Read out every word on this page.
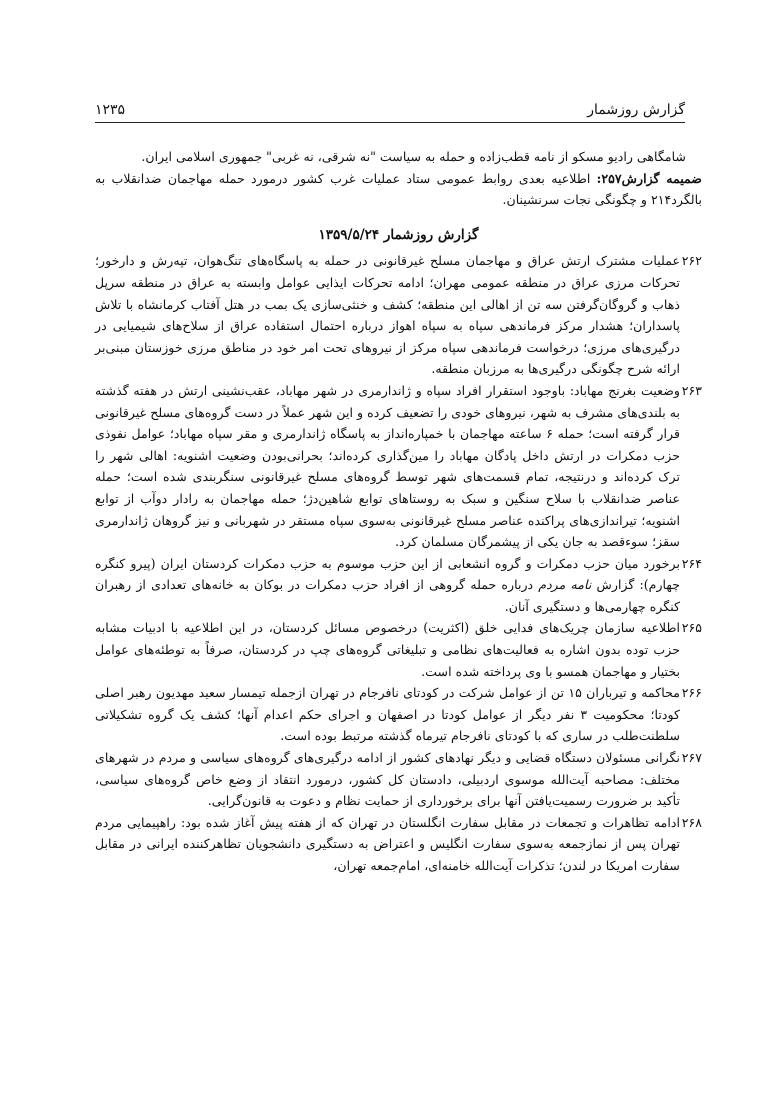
گزارش روزشمار
۱۲۳۵

شامگاهی رادیو مسکو از نامه قطب‌زاده و حمله به سیاست "نه شرقی، نه غربی" جمهوری اسلامی ایران.

ضمیمه گزارش۲۵۷: اطلاعیه بعدی روابط عمومی ستاد عملیات غرب کشور درمورد حمله مهاجمان ضدانقلاب به بالگرد۲۱۴ و چگونگی نجات سرنشینان.

گزارش روزشمار ۱۳۵۹/۵/۲۴
۲۶۲
عملیات مشترک ارتش عراق و مهاجمان مسلح غیرقانونی در حمله به پاسگاه‌های تنگ‌هوان، تپه‌رش و دارخور؛ تحرکات مرزی عراق در منطقه عمومی مهران؛ ادامه تحرکات ایذایی عوامل وابسته به عراق در منطقه سرپل ذهاب و گروگان‌گرفتن سه تن از اهالی این منطقه؛ کشف و خنثی‌سازی یک بمب در هتل آفتاب کرمانشاه با تلاش پاسداران؛ هشدار مرکز فرماندهی سپاه به سپاه اهواز درباره احتمال استفاده عراق از سلاح‌های شیمیایی در درگیری‌های مرزی؛ درخواست فرماندهی سپاه مرکز از نیروهای تحت امر خود در مناطق مرزی خوزستان مبنی‌بر ارائه شرح چگونگی درگیری‌ها به مرزبان منطقه.
۲۶۳
وضعیت بغرنج مهاباد: باوجود استقرار افراد سپاه و ژاندارمری در شهر مهاباد، عقب‌نشینی ارتش در هفته گذشته به بلندی‌های مشرف به شهر، نیروهای خودی را تضعیف کرده و این شهر عملاً در دست گروه‌های مسلح غیرقانونی قرار گرفته است؛ حمله ۶ ساعته مهاجمان با خمپاره‌انداز به پاسگاه ژاندارمری و مقر سپاه مهاباد؛ عوامل نفوذی حزب دمکرات در ارتش داخل پادگان مهاباد را مین‌گذاری کرده‌اند؛ بحرانی‌بودن وضعیت اشنویه: اهالی شهر را ترک کرده‌اند و درنتیجه، تمام قسمت‌های شهر توسط گروه‌های مسلح غیرقانونی سنگربندی شده است؛ حمله عناصر ضدانقلاب با سلاح سنگین و سبک به روستاهای توابع شاهین‌دژ؛ حمله مهاجمان به رادار دوآب از توابع اشنویه؛ تیراندازی‌های پراکنده عناصر مسلح غیرقانونی به‌سوی سپاه مستقر در شهربانی و نیز گروهان ژاندارمری سقز؛ سوءقصد به جان یکی از پیشمرگان مسلمان کرد.
۲۶۴
برخورد میان حزب دمکرات و گروه انشعابی از این حزب موسوم به حزب دمکرات کردستان ایران (پیرو کنگره چهارم): گزارش نامه مردم درباره حمله گروهی از افراد حزب دمکرات در بوکان به خانه‌های تعدادی از رهبران کنگره چهارمی‌ها و دستگیری آنان.
۲۶۵
اطلاعیه سازمان چریک‌های فدایی خلق (اکثریت) درخصوص مسائل کردستان، در این اطلاعیه با ادبیات مشابه حزب توده بدون اشاره به فعالیت‌های نظامی و تبلیغاتی گروه‌های چپ در کردستان، صرفاً به توطئه‌های عوامل بختیار و مهاجمان همسو با وی پرداخته شده است.
۲۶۶
محاکمه و تیرباران ۱۵ تن از عوامل شرکت در کودتای نافرجام در تهران ازجمله تیمسار سعید مهدیون رهبر اصلی کودتا؛ محکومیت ۳ نفر دیگر از عوامل کودتا در اصفهان و اجرای حکم اعدام آنها؛ کشف یک گروه تشکیلاتی سلطنت‌طلب در ساری که با کودتای نافرجام تیرماه گذشته مرتبط بوده است.
۲۶۷
نگرانی مسئولان دستگاه قضایی و دیگر نهادهای کشور از ادامه درگیری‌های گروه‌های سیاسی و مردم در شهرهای مختلف: مصاحبه آیت‌الله موسوی اردبیلی، دادستان کل کشور، درمورد انتقاد از وضع خاص گروه‌های سیاسی، تأکید بر ضرورت رسمیت‌یافتن آنها برای برخورداری از حمایت نظام و دعوت به قانون‌گرایی.
۲۶۸
ادامه تظاهرات و تجمعات در مقابل سفارت انگلستان در تهران که از هفته پیش آغاز شده بود: راهپیمایی مردم تهران پس از نمازجمعه به‌سوی سفارت انگلیس و اعتراض به دستگیری دانشجویان تظاهرکننده ایرانی در مقابل سفارت امریکا در لندن؛ تذکرات آیت‌الله خامنه‌ای، امام‌جمعه تهران،
